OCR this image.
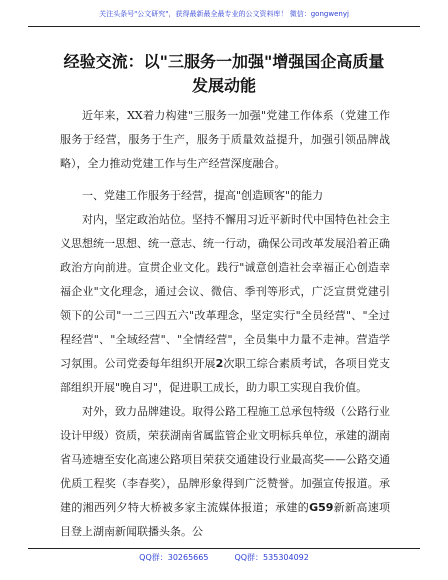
关注头条号"公文研究"，获得最新最全最专业的公文资料库！ 微信：gongwenyj
经验交流：以"三服务一加强"增强国企高质量发展动能

近年来，XX着力构建"三服务一加强"党建工作体系（党建工作服务于经营，服务于生产，服务于质量效益提升，加强引领品牌战略），全力推动党建工作与生产经营深度融合。

一、党建工作服务于经营，提高"创造顾客"的能力

对内，坚定政治站位。坚持不懈用习近平新时代中国特色社会主义思想统一思想、统一意志、统一行动，确保公司改革发展沿着正确政治方向前进。宣贯企业文化。践行"诚意创造社会幸福正心创造幸福企业"文化理念，通过会议、微信、季刊等形式，广泛宣贯党建引领下的公司"一二三四五六"改革理念，坚定实行"全员经营"、"全过程经营"、"全域经营"、"全情经营"，全员集中力量不走神。营造学习氛围。公司党委每年组织开展2次职工综合素质考试，各项目党支部组织开展"晚自习"，促进职工成长，助力职工实现自我价值。

对外，致力品牌建设。取得公路工程施工总承包特级（公路行业设计甲级）资质，荣获湖南省属监管企业文明标兵单位，承建的湖南省马迹塘至安化高速公路项目荣获交通建设行业最高奖——公路交通优质工程奖（李春奖），品牌形象得到广泛赞誉。加强宣传报道。承建的湘西列夕特大桥被多家主流媒体报道；承建的G59新新高速项目登上湖南新闻联播头条。公

QQ群：30265665	QQ群：535304092
